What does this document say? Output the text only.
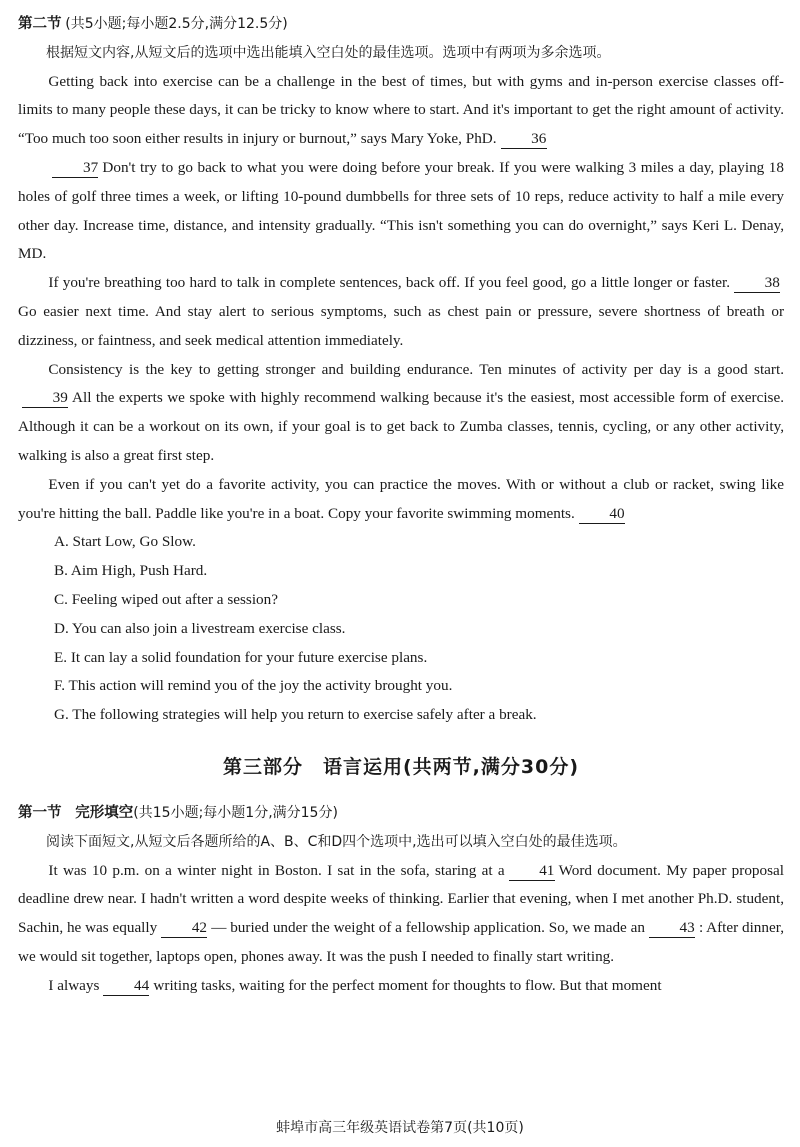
第二节 (共5小题;每小题2.5分,满分12.5分)

根据短文内容,从短文后的选项中选出能填入空白处的最佳选项。选项中有两项为多余选项。

Getting back into exercise can be a challenge in the best of times, but with gyms and in-person exercise classes off-limits to many people these days, it can be tricky to know where to start. And it's important to get the right amount of activity. “Too much too soon either results in injury or burnout,” says Mary Yoke, PhD. 36

37 Don't try to go back to what you were doing before your break. If you were walking 3 miles a day, playing 18 holes of golf three times a week, or lifting 10-pound dumbbells for three sets of 10 reps, reduce activity to half a mile every other day. Increase time, distance, and intensity gradually. “This isn't something you can do overnight,” says Keri L. Denay, MD.

If you're breathing too hard to talk in complete sentences, back off. If you feel good, go a little longer or faster. 38Go easier next time. And stay alert to serious symptoms, such as chest pain or pressure, severe shortness of breath or dizziness, or faintness, and seek medical attention immediately.

Consistency is the key to getting stronger and building endurance. Ten minutes of activity per day is a good start.39 All the experts we spoke with highly recommend walking because it's the easiest, most accessible form of exercise. Although it can be a workout on its own, if your goal is to get back to Zumba classes, tennis, cycling, or any other activity, walking is also a great first step.

Even if you can't yet do a favorite activity, you can practice the moves. With or without a club or racket, swing like you're hitting the ball. Paddle like you're in a boat. Copy your favorite swimming moments. 40

A. Start Low, Go Slow.

B. Aim High, Push Hard.

C. Feeling wiped out after a session?

D. You can also join a livestream exercise class.

E. It can lay a solid foundation for your future exercise plans.

F. This action will remind you of the joy the activity brought you.

G. The following strategies will help you return to exercise safely after a break.

第三部分　语言运用(共两节,满分30分)

第一节 完形填空(共15小题;每小题1分,满分15分)

阅读下面短文,从短文后各题所给的A、B、C和D四个选项中,选出可以填入空白处的最佳选项。

It was 10 p.m. on a winter night in Boston. I sat in the sofa, staring at a 41 Word document. My paper proposal deadline drew near. I hadn't written a word despite weeks of thinking. Earlier that evening, when I met another Ph.D. student, Sachin, he was equally 42 — buried under the weight of a fellowship application. So, we made an 43 : After dinner, we would sit together, laptops open, phones away. It was the push I needed to finally start writing.

I always 44 writing tasks, waiting for the perfect moment for thoughts to flow. But that moment

蚌埠市高三年级英语试卷第7页(共10页)
